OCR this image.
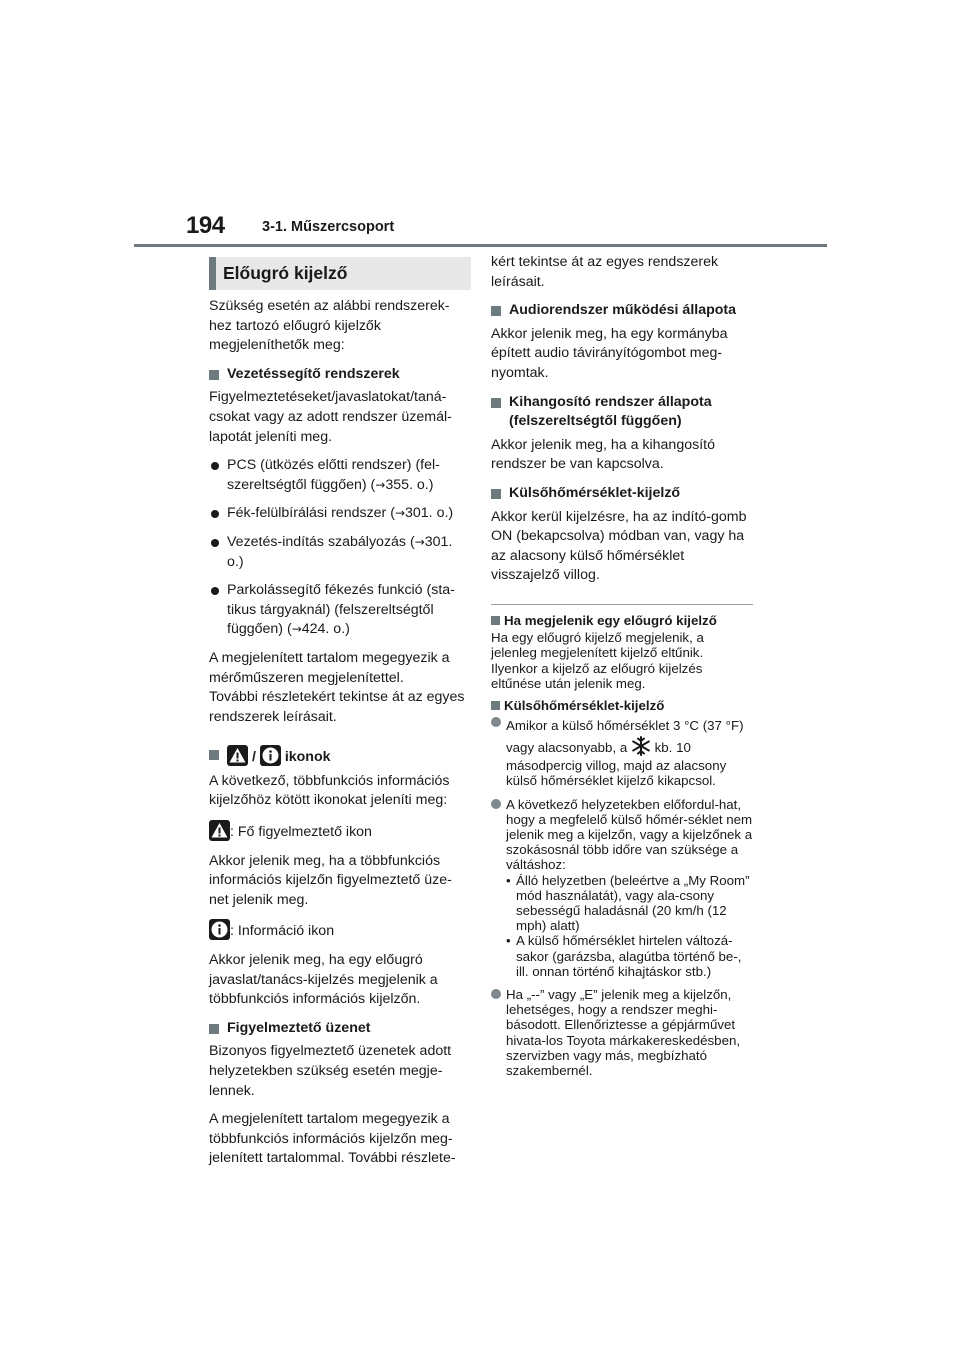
194	3-1. Műszercsoport
Előugró kijelző

Szükség esetén az alábbi rendszerek-hez tartozó előugró kijelzők megjeleníthetők meg:

Vezetéssegítő rendszerek

Figyelmeztetéseket/javaslatokat/taná-csokat vagy az adott rendszer üzemál-lapotát jeleníti meg.

PCS (ütközés előtti rendszer) (fel-szereltségtől függően) (→355. o.)
Fék-felülbírálási rendszer (→301. o.)
Vezetés-indítás szabályozás (→301. o.)
Parkolássegítő fékezés funkció (sta-tikus tárgyaknál) (felszereltségtől függően) (→424. o.)

A megjelenített tartalom megegyezik a mérőműszeren megjelenítettel.

További részletekért tekintse át az egyes rendszerek leírásait.

/ ikonok

A következő, többfunkciós információs kijelzőhöz kötött ikonokat jeleníti meg:

: Fő figyelmeztető ikon

Akkor jelenik meg, ha a többfunkciós információs kijelzőn figyelmeztető üze-net jelenik meg.

: Információ ikon

Akkor jelenik meg, ha egy előugró javaslat/tanács-kijelzés megjelenik a többfunkciós információs kijelzőn.

Figyelmeztető üzenet

Bizonyos figyelmeztető üzenetek adott helyzetekben szükség esetén megje-lennek.

A megjelenített tartalom megegyezik a többfunkciós információs kijelzőn meg-jelenített tartalommal. További részlete-

kért tekintse át az egyes rendszerek leírásait.

Audiorendszer működési állapota

Akkor jelenik meg, ha egy kormányba épített audio távirányítógombot meg-nyomtak.

Kihangosító rendszer állapota (felszereltségtől függően)

Akkor jelenik meg, ha a kihangosító rendszer be van kapcsolva.

Külsőhőmérséklet-kijelző

Akkor kerül kijelzésre, ha az indító-gomb ON (bekapcsolva) módban van, vagy ha az alacsony külső hőmérséklet visszajelző villog.

Ha megjelenik egy előugró kijelző

Ha egy előugró kijelző megjelenik, a jelenleg megjelenített kijelző eltűnik. Ilyenkor a kijelző az előugró kijelzés eltűnése után jelenik meg.

Külsőhőmérséklet-kijelző
Amikor a külső hőmérséklet 3 °C (37 °F) vagy alacsonyabb, a kb. 10 másodpercig villog, majd az alacsony külső hőmérséklet kijelző kikapcsol.
A következő helyzetekben előfordul-hat, hogy a megfelelő külső hőmér-séklet nem jelenik meg a kijelzőn, vagy a kijelzőnek a szokásosnál több időre van szüksége a váltáshoz:
• Álló helyzetben (beleértve a „My Room” mód használatát), vagy ala-csony sebességű haladásnál (20 km/h (12 mph) alatt)
• A külső hőmérséklet hirtelen változá-sakor (garázsba, alagútba történő be-, ill. onnan történő kihajtáskor stb.)
Ha „--” vagy „E” jelenik meg a kijelzőn, lehetséges, hogy a rendszer meghi-básodott. Ellenőriztesse a gépjárművet hivata-los Toyota márkakereskedésben, szervizben vagy más, megbízható szakembernél.
